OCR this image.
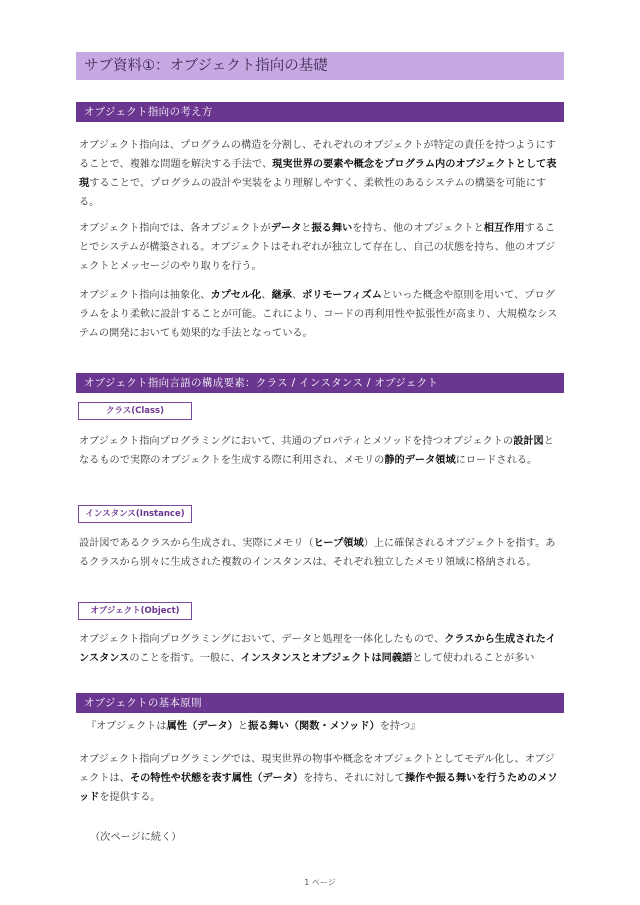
サブ資料①：オブジェクト指向の基礎
オブジェクト指向の考え方

オブジェクト指向は、プログラムの構造を分割し、それぞれのオブジェクトが特定の責任を持つようにすることで、複雑な問題を解決する手法で、現実世界の要素や概念をプログラム内のオブジェクトとして表現することで、プログラムの設計や実装をより理解しやすく、柔軟性のあるシステムの構築を可能にする。

オブジェクト指向では、各オブジェクトがデータと振る舞いを持ち、他のオブジェクトと相互作用することでシステムが構築される。オブジェクトはそれぞれが独立して存在し、自己の状態を持ち、他のオブジェクトとメッセージのやり取りを行う。

オブジェクト指向は抽象化、カプセル化、継承、ポリモーフィズムといった概念や原則を用いて、プログラムをより柔軟に設計することが可能。これにより、コードの再利用性や拡張性が高まり、大規模なシステムの開発においても効果的な手法となっている。

オブジェクト指向言語の構成要素：クラス / インスタンス / オブジェクト
クラス(Class)

オブジェクト指向プログラミングにおいて、共通のプロパティとメソッドを持つオブジェクトの設計図となるもので実際のオブジェクトを生成する際に利用され、メモリの静的データ領域にロードされる。

インスタンス(Instance)

設計図であるクラスから生成され、実際にメモリ（ヒープ領域）上に確保されるオブジェクトを指す。あるクラスから別々に生成された複数のインスタンスは、それぞれ独立したメモリ領域に格納される。

オブジェクト(Object)

オブジェクト指向プログラミングにおいて、データと処理を一体化したもので、クラスから生成されたインスタンスのことを指す。一般に、インスタンスとオブジェクトは同義語として使われることが多い

オブジェクトの基本原則
『オブジェクトは属性（データ）と振る舞い（関数・メソッド）を持つ』

オブジェクト指向プログラミングでは、現実世界の物事や概念をオブジェクトとしてモデル化し、オブジェクトは、その特性や状態を表す属性（データ）を持ち、それに対して操作や振る舞いを行うためのメソッドを提供する。

（次ページに続く）
1 ページ
